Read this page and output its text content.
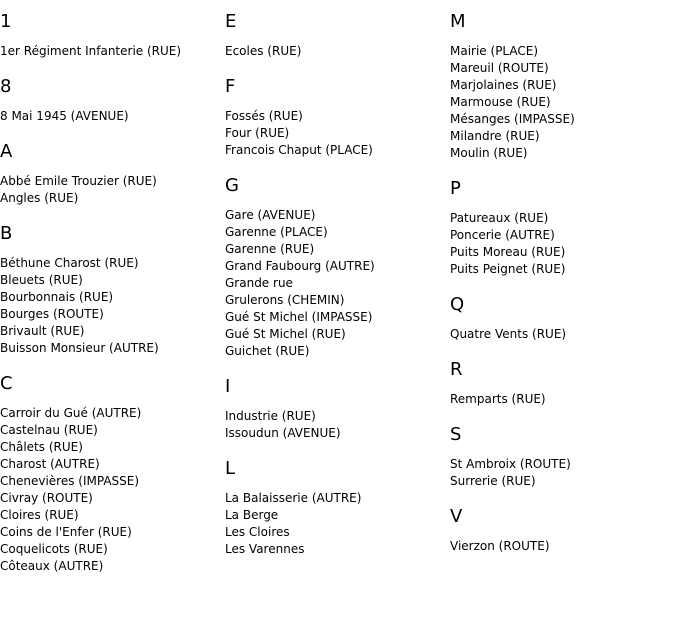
1
1er Régiment Infanterie (RUE)
8
8 Mai 1945 (AVENUE)
A
Abbé Emile Trouzier (RUE)
Angles (RUE)
B
Béthune Charost (RUE)
Bleuets (RUE)
Bourbonnais (RUE)
Bourges (ROUTE)
Brivault (RUE)
Buisson Monsieur (AUTRE)
C
Carroir du Gué (AUTRE)
Castelnau (RUE)
Châlets (RUE)
Charost (AUTRE)
Chenevières (IMPASSE)
Civray (ROUTE)
Cloires (RUE)
Coins de l'Enfer (RUE)
Coquelicots (RUE)
Côteaux (AUTRE)
E
Ecoles (RUE)
F
Fossés (RUE)
Four (RUE)
Francois Chaput (PLACE)
G
Gare (AVENUE)
Garenne (PLACE)
Garenne (RUE)
Grand Faubourg (AUTRE)
Grande rue
Grulerons (CHEMIN)
Gué St Michel (IMPASSE)
Gué St Michel (RUE)
Guichet (RUE)
I
Industrie (RUE)
Issoudun (AVENUE)
L
La Balaisserie (AUTRE)
La Berge
Les Cloires
Les Varennes
M
Mairie (PLACE)
Mareuil (ROUTE)
Marjolaines (RUE)
Marmouse (RUE)
Mésanges (IMPASSE)
Milandre (RUE)
Moulin (RUE)
P
Patureaux (RUE)
Poncerie (AUTRE)
Puits Moreau (RUE)
Puits Peignet (RUE)
Q
Quatre Vents (RUE)
R
Remparts (RUE)
S
St Ambroix (ROUTE)
Surrerie (RUE)
V
Vierzon (ROUTE)
